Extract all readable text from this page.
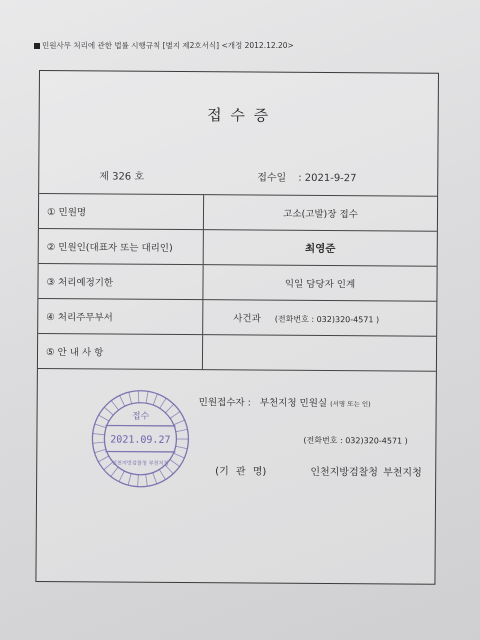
민원사무 처리에 관한 법률 시행규칙 [별지 제2호서식] <개정 2012.12.20>
접 수 증
제 326 호	접수일 : 2021-9-27
① 민원명	고소(고발)장 접수
② 민원인(대표자 또는 대리인)	최영준
③ 처리예정기한	익일 담당자 인계
④ 처리주무부서	사건과 (전화번호 : 032)320-4571 )
⑤ 안 내 사 항	
민원접수자 : 부천지청 민원실 (서명 또는 인)
(전화번호 : 032)320-4571 )
(기 관 명)	인천지방검찰청 부천지청
접수
2021.09.27
인천지방검찰청 부천지청
